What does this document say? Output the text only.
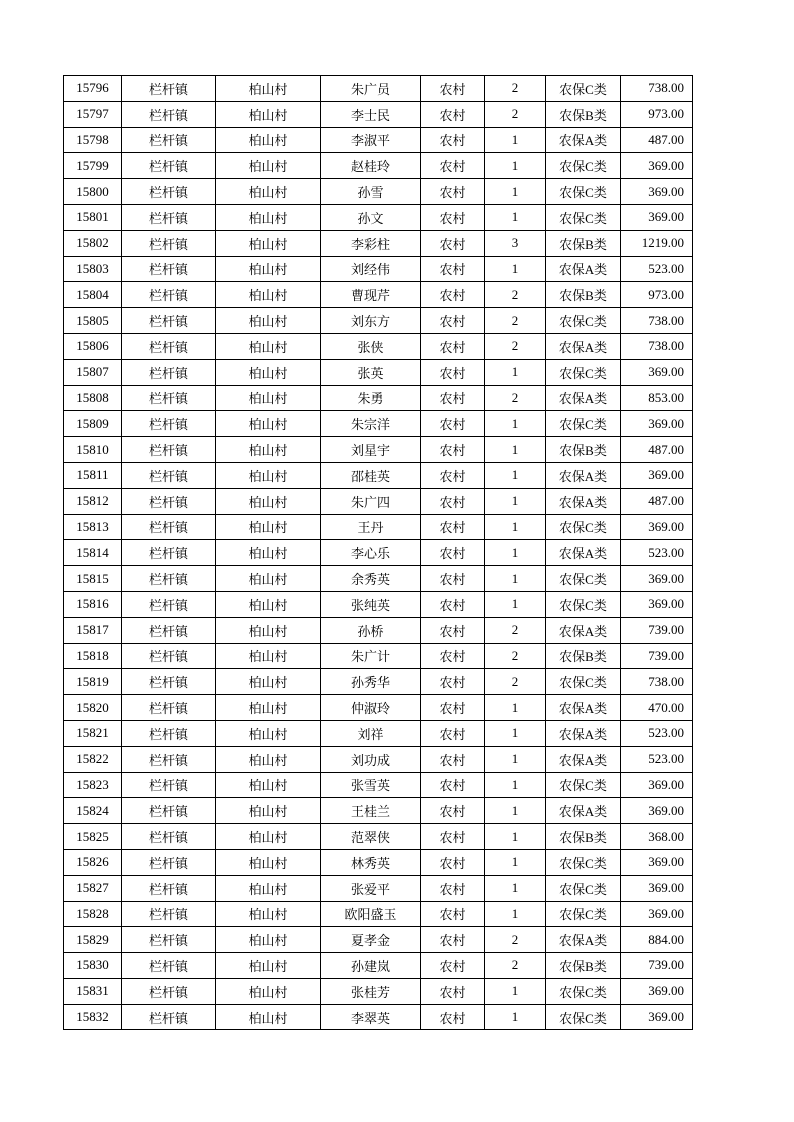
15796	栏杆镇	柏山村	朱广员	农村	2	农保C类	738.00
15797	栏杆镇	柏山村	李士民	农村	2	农保B类	973.00
15798	栏杆镇	柏山村	李淑平	农村	1	农保A类	487.00
15799	栏杆镇	柏山村	赵桂玲	农村	1	农保C类	369.00
15800	栏杆镇	柏山村	孙雪	农村	1	农保C类	369.00
15801	栏杆镇	柏山村	孙文	农村	1	农保C类	369.00
15802	栏杆镇	柏山村	李彩柱	农村	3	农保B类	1219.00
15803	栏杆镇	柏山村	刘经伟	农村	1	农保A类	523.00
15804	栏杆镇	柏山村	曹现芹	农村	2	农保B类	973.00
15805	栏杆镇	柏山村	刘东方	农村	2	农保C类	738.00
15806	栏杆镇	柏山村	张侠	农村	2	农保A类	738.00
15807	栏杆镇	柏山村	张英	农村	1	农保C类	369.00
15808	栏杆镇	柏山村	朱勇	农村	2	农保A类	853.00
15809	栏杆镇	柏山村	朱宗洋	农村	1	农保C类	369.00
15810	栏杆镇	柏山村	刘星宇	农村	1	农保B类	487.00
15811	栏杆镇	柏山村	邵桂英	农村	1	农保A类	369.00
15812	栏杆镇	柏山村	朱广四	农村	1	农保A类	487.00
15813	栏杆镇	柏山村	王丹	农村	1	农保C类	369.00
15814	栏杆镇	柏山村	李心乐	农村	1	农保A类	523.00
15815	栏杆镇	柏山村	余秀英	农村	1	农保C类	369.00
15816	栏杆镇	柏山村	张纯英	农村	1	农保C类	369.00
15817	栏杆镇	柏山村	孙桥	农村	2	农保A类	739.00
15818	栏杆镇	柏山村	朱广计	农村	2	农保B类	739.00
15819	栏杆镇	柏山村	孙秀华	农村	2	农保C类	738.00
15820	栏杆镇	柏山村	仲淑玲	农村	1	农保A类	470.00
15821	栏杆镇	柏山村	刘祥	农村	1	农保A类	523.00
15822	栏杆镇	柏山村	刘功成	农村	1	农保A类	523.00
15823	栏杆镇	柏山村	张雪英	农村	1	农保C类	369.00
15824	栏杆镇	柏山村	王桂兰	农村	1	农保A类	369.00
15825	栏杆镇	柏山村	范翠侠	农村	1	农保B类	368.00
15826	栏杆镇	柏山村	林秀英	农村	1	农保C类	369.00
15827	栏杆镇	柏山村	张爱平	农村	1	农保C类	369.00
15828	栏杆镇	柏山村	欧阳盛玉	农村	1	农保C类	369.00
15829	栏杆镇	柏山村	夏孝金	农村	2	农保A类	884.00
15830	栏杆镇	柏山村	孙建岚	农村	2	农保B类	739.00
15831	栏杆镇	柏山村	张桂芳	农村	1	农保C类	369.00
15832	栏杆镇	柏山村	李翠英	农村	1	农保C类	369.00
